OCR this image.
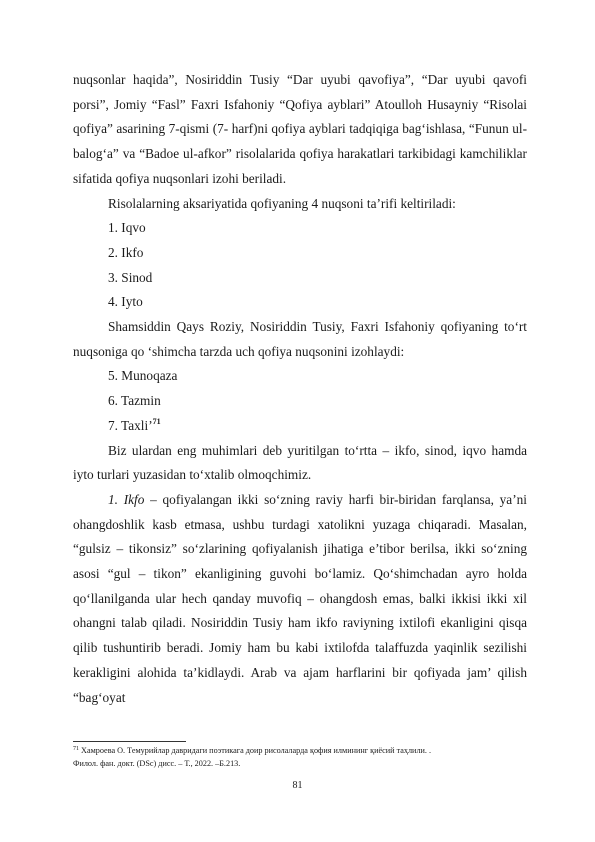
nuqsonlar haqida”, Nosiriddin Tusiy “Dar uyubi qavofiya”, “Dar uyubi qavofi porsi”, Jomiy “Fasl” Faxri Isfahoniy “Qofiya ayblari” Atoulloh Husayniy “Risolai qofiya” asarining 7-qismi (7- harf)ni qofiya ayblari tadqiqiga bag‘ishlasa, “Funun ul-balog‘a” va “Badoe ul-afkor” risolalarida qofiya harakatlari tarkibidagi kamchiliklar sifatida qofiya nuqsonlari izohi beriladi.

Risolalarning aksariyatida qofiyaning 4 nuqsoni ta’rifi keltiriladi:

1. Iqvo

2. Ikfo

3. Sinod

4. Iyto

Shamsiddin Qays Roziy, Nosiriddin Tusiy, Faxri Isfahoniy qofiyaning to‘rt nuqsoniga qo ‘shimcha tarzda uch qofiya nuqsonini izohlaydi:

5. Munoqaza

6. Tazmin

7. Taxli’$^{71}$

Biz ulardan eng muhimlari deb yuritilgan to‘rtta – ikfo, sinod, iqvo hamda iyto turlari yuzasidan to‘xtalib olmoqchimiz.

1. Ikfo – qofiyalangan ikki so‘zning raviy harfi bir-biridan farqlansa, ya’ni ohangdoshlik kasb etmasa, ushbu turdagi xatolikni yuzaga chiqaradi. Masalan, “gulsiz – tikonsiz” so‘zlarining qofiyalanish jihatiga e’tibor berilsa, ikki so‘zning asosi “gul – tikon” ekanligining guvohi bo‘lamiz. Qo‘shimchadan ayro holda qo‘llanilganda ular hech qanday muvofiq – ohangdosh emas, balki ikkisi ikki xil ohangni talab qiladi. Nosiriddin Tusiy ham ikfo raviyning ixtilofi ekanligini qisqa qilib tushuntirib beradi. Jomiy ham bu kabi ixtilofda talaffuzda yaqinlik sezilishi kerakligini alohida ta’kidlaydi. Arab va ajam harflarini bir qofiyada jam’ qilish “bag‘oyat

$^{71}$ Хамроева О. Темурийлар давридаги поэтикага доир рисолаларда қофия илмининг қиёсий таҳлили. .
Филол. фан. докт. (DSc) дисс. – Т., 2022. –Б.213.
81
